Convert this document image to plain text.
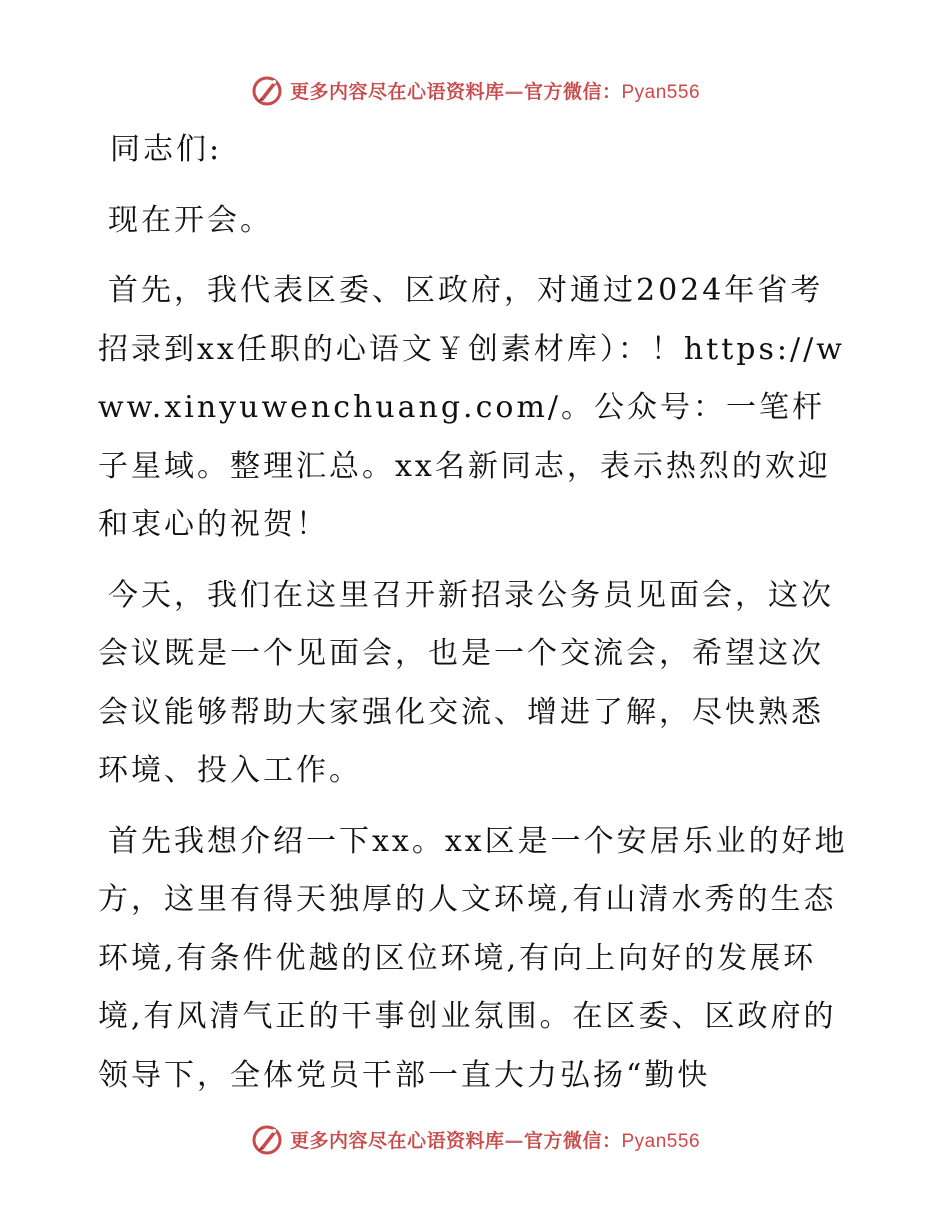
更多内容尽在心语资料库—官方微信：Pyan556

同志们:

现在开会。

首先，我代表区委、区政府，对通过2024年省考招录到xx任职的心语文￥创素材库）：！https://www.xinyuwenchuang.com/。公众号：一笔杆子星域。整理汇总。xx名新同志，表示热烈的欢迎和衷心的祝贺！

今天，我们在这里召开新招录公务员见面会，这次会议既是一个见面会，也是一个交流会，希望这次会议能够帮助大家强化交流、增进了解，尽快熟悉环境、投入工作。

首先我想介绍一下xx。xx区是一个安居乐业的好地方，这里有得天独厚的人文环境,有山清水秀的生态环境,有条件优越的区位环境,有向上向好的发展环境,有风清气正的干事创业氛围。在区委、区政府的领导下，全体党员干部一直大力弘扬“勤快

更多内容尽在心语资料库—官方微信：Pyan556
